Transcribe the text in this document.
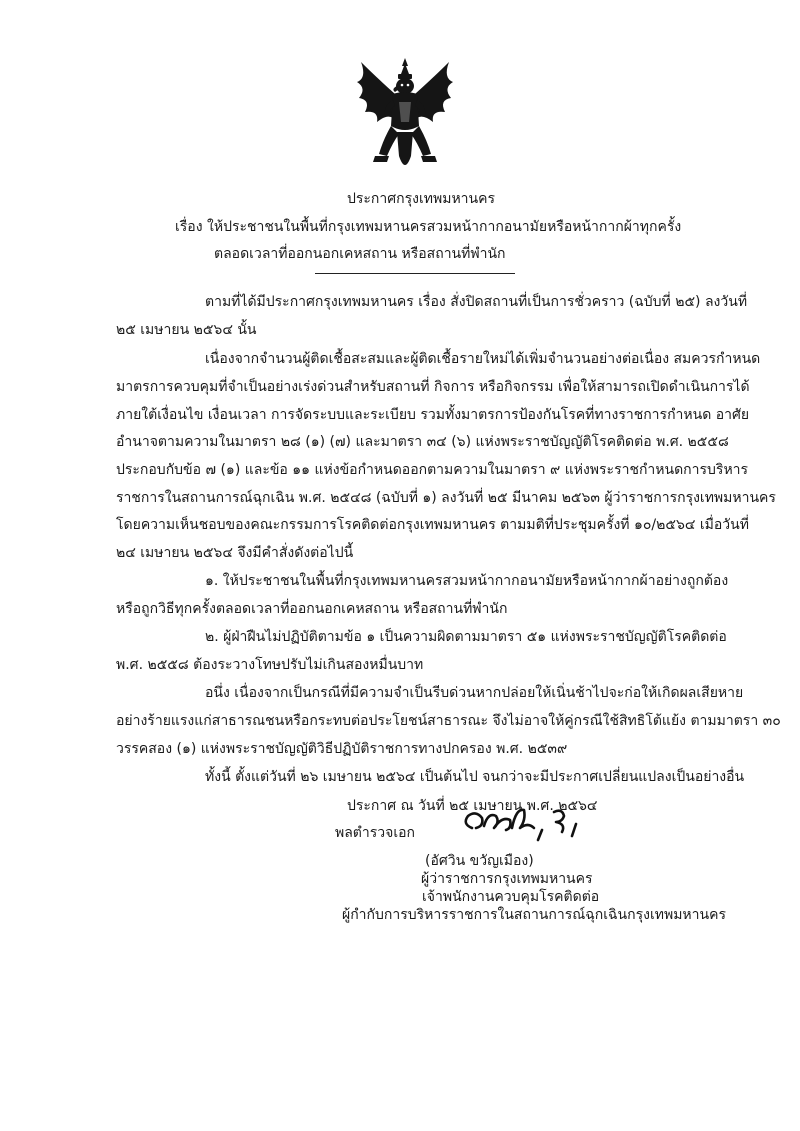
ประกาศกรุงเทพมหานคร
เรื่อง ให้ประชาชนในพื้นที่กรุงเทพมหานครสวมหน้ากากอนามัยหรือหน้ากากผ้าทุกครั้ง
ตลอดเวลาที่ออกนอกเคหสถาน หรือสถานที่พำนัก
ตามที่ได้มีประกาศกรุงเทพมหานคร เรื่อง สั่งปิดสถานที่เป็นการชั่วคราว (ฉบับที่ ๒๕) ลงวันที่
๒๕ เมษายน ๒๕๖๔ นั้น
เนื่องจากจำนวนผู้ติดเชื้อสะสมและผู้ติดเชื้อรายใหม่ได้เพิ่มจำนวนอย่างต่อเนื่อง สมควรกำหนด
มาตรการควบคุมที่จำเป็นอย่างเร่งด่วนสำหรับสถานที่ กิจการ หรือกิจกรรม เพื่อให้สามารถเปิดดำเนินการได้
ภายใต้เงื่อนไข เงื่อนเวลา การจัดระบบและระเบียบ รวมทั้งมาตรการป้องกันโรคที่ทางราชการกำหนด อาศัย
อำนาจตามความในมาตรา ๒๘ (๑) (๗) และมาตรา ๓๔ (๖) แห่งพระราชบัญญัติโรคติดต่อ พ.ศ. ๒๕๕๘
ประกอบกับข้อ ๗ (๑) และข้อ ๑๑ แห่งข้อกำหนดออกตามความในมาตรา ๙ แห่งพระราชกำหนดการบริหาร
ราชการในสถานการณ์ฉุกเฉิน พ.ศ. ๒๕๔๘ (ฉบับที่ ๑) ลงวันที่ ๒๕ มีนาคม ๒๕๖๓ ผู้ว่าราชการกรุงเทพมหานคร
โดยความเห็นชอบของคณะกรรมการโรคติดต่อกรุงเทพมหานคร ตามมติที่ประชุมครั้งที่ ๑๐/๒๕๖๔ เมื่อวันที่
๒๔ เมษายน ๒๕๖๔ จึงมีคำสั่งดังต่อไปนี้
๑. ให้ประชาชนในพื้นที่กรุงเทพมหานครสวมหน้ากากอนามัยหรือหน้ากากผ้าอย่างถูกต้อง
หรือถูกวิธีทุกครั้งตลอดเวลาที่ออกนอกเคหสถาน หรือสถานที่พำนัก
๒. ผู้ฝ่าฝืนไม่ปฏิบัติตามข้อ ๑ เป็นความผิดตามมาตรา ๕๑ แห่งพระราชบัญญัติโรคติดต่อ
พ.ศ. ๒๕๕๘ ต้องระวางโทษปรับไม่เกินสองหมื่นบาท
อนึ่ง เนื่องจากเป็นกรณีที่มีความจำเป็นรีบด่วนหากปล่อยให้เนิ่นช้าไปจะก่อให้เกิดผลเสียหาย
อย่างร้ายแรงแก่สาธารณชนหรือกระทบต่อประโยชน์สาธารณะ จึงไม่อาจให้คู่กรณีใช้สิทธิโต้แย้ง ตามมาตรา ๓๐
วรรคสอง (๑) แห่งพระราชบัญญัติวิธีปฏิบัติราชการทางปกครอง พ.ศ. ๒๕๓๙
ทั้งนี้ ตั้งแต่วันที่ ๒๖ เมษายน ๒๕๖๔ เป็นต้นไป จนกว่าจะมีประกาศเปลี่ยนแปลงเป็นอย่างอื่น
ประกาศ ณ วันที่ ๒๕ เมษายน พ.ศ. ๒๕๖๔
พลตำรวจเอก
(อัศวิน ขวัญเมือง)
ผู้ว่าราชการกรุงเทพมหานคร
เจ้าพนักงานควบคุมโรคติดต่อ
ผู้กำกับการบริหารราชการในสถานการณ์ฉุกเฉินกรุงเทพมหานคร
